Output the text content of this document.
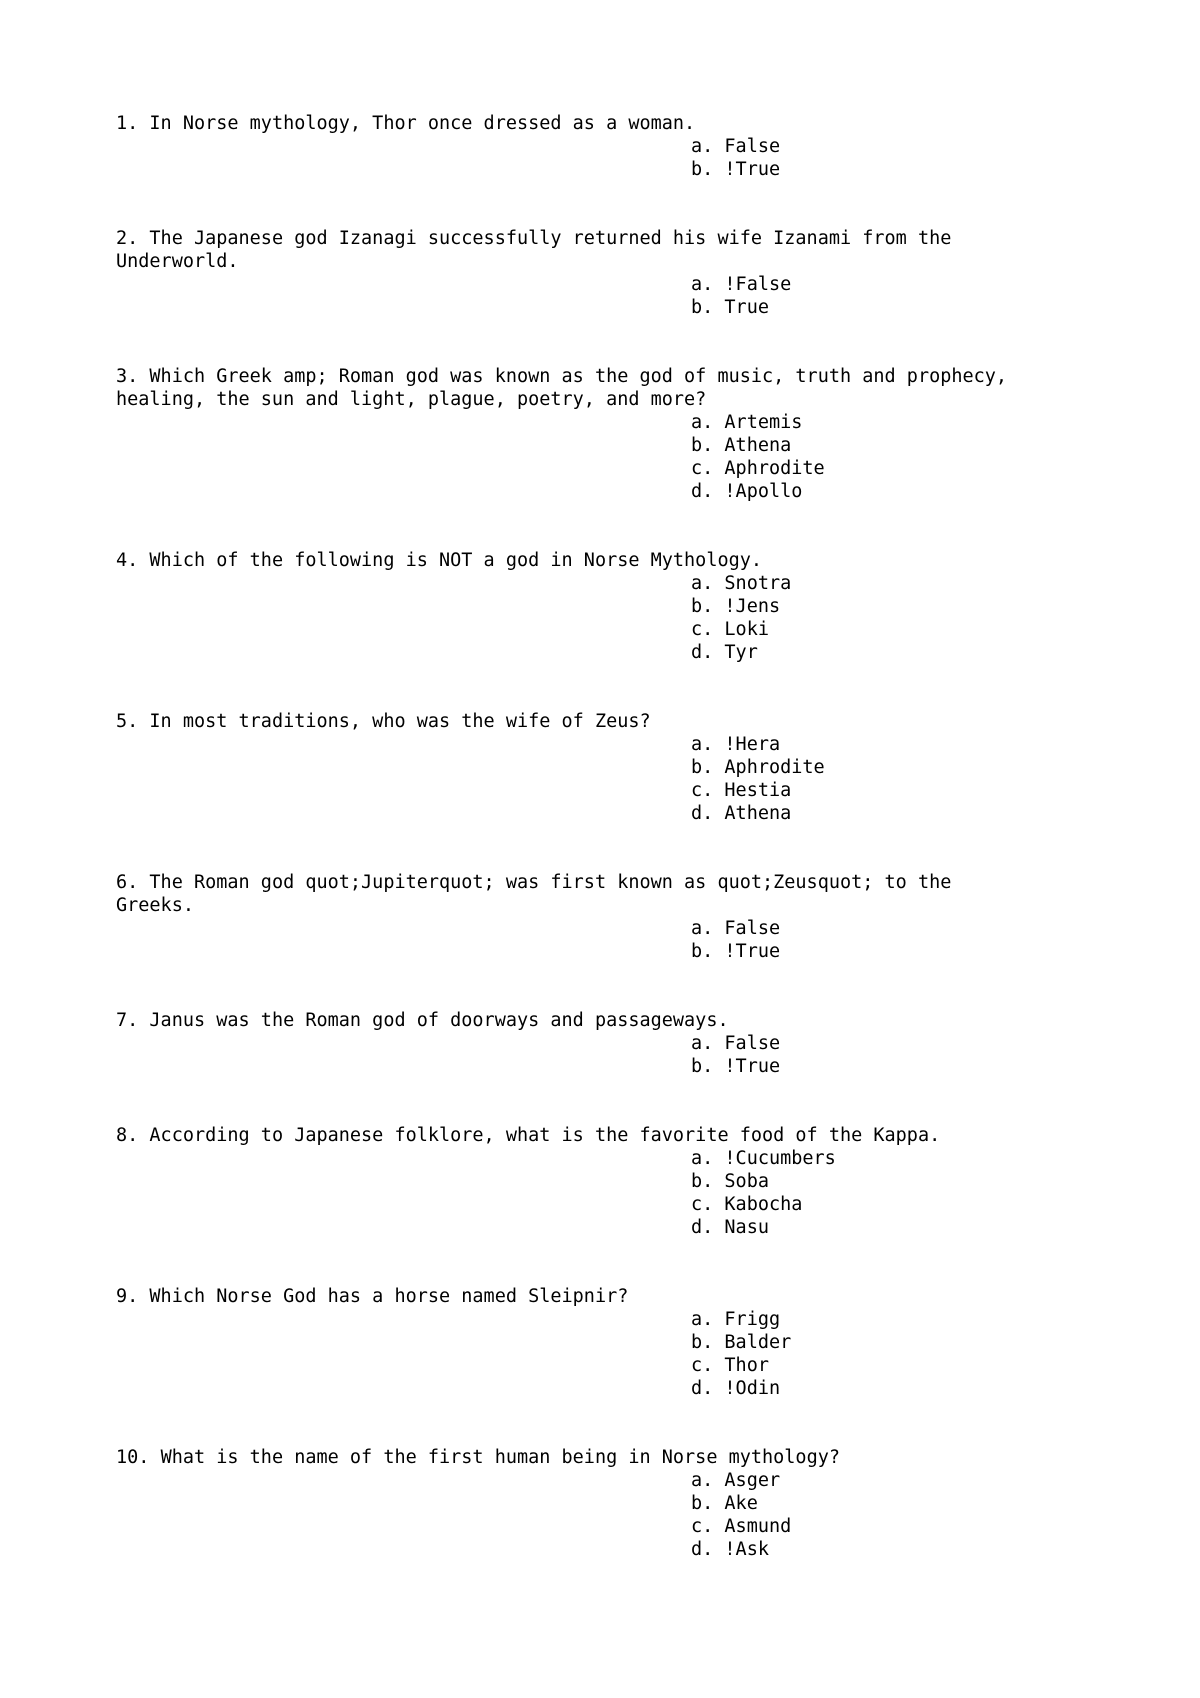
1. In Norse mythology, Thor once dressed as a woman.
a. False
b. !True
2. The Japanese god Izanagi successfully returned his wife Izanami from the
Underworld.
a. !False
b. True
3. Which Greek amp; Roman god was known as the god of music, truth and prophecy,
healing, the sun and light, plague, poetry, and more?
a. Artemis
b. Athena
c. Aphrodite
d. !Apollo
4. Which of the following is NOT a god in Norse Mythology.
a. Snotra
b. !Jens
c. Loki
d. Tyr
5. In most traditions, who was the wife of Zeus?
a. !Hera
b. Aphrodite
c. Hestia
d. Athena
6. The Roman god quot;Jupiterquot; was first known as quot;Zeusquot; to the
Greeks.
a. False
b. !True
7. Janus was the Roman god of doorways and passageways.
a. False
b. !True
8. According to Japanese folklore, what is the favorite food of the Kappa.
a. !Cucumbers
b. Soba
c. Kabocha
d. Nasu
9. Which Norse God has a horse named Sleipnir?
a. Frigg
b. Balder
c. Thor
d. !Odin
10. What is the name of the first human being in Norse mythology?
a. Asger
b. Ake
c. Asmund
d. !Ask
